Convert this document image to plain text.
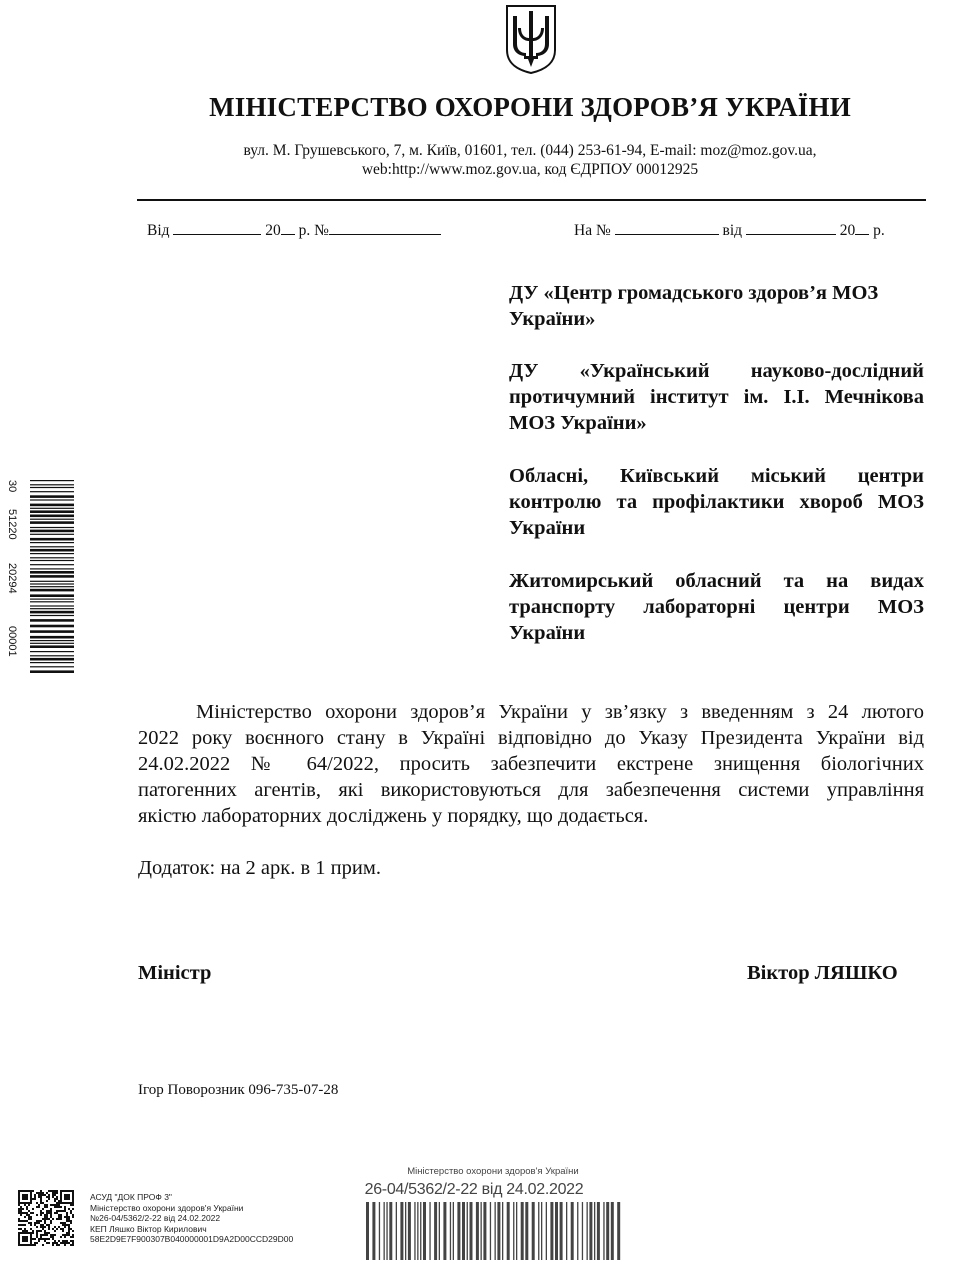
МІНІСТЕРСТВО ОХОРОНИ ЗДОРОВ’Я УКРАЇНИ
вул. М. Грушевського, 7, м. Київ, 01601, тел. (044) 253-61-94, E-mail: moz@moz.gov.ua,
web:http://www.moz.gov.ua, код ЄДРПОУ 00012925
Від	20 р. №	На №	від	20 р.
ДУ «Центр громадського здоров’я МОЗ
України»
ДУ «Український науково-дослідний
протичумний інститут ім. І.І. Мечнікова
МОЗ України»
Обласні, Київський міський центри
контролю та профілактики хвороб МОЗ
України
Житомирський обласний та на видах
транспорту лабораторні центри МОЗ
України
Міністерство охорони здоров’я України у зв’язку з введенням з 24 лютого
2022 року воєнного стану в Україні відповідно до Указу Президента України від
24.02.2022 № 64/2022, просить забезпечити екстрене знищення біологічних
патогенних агентів, які використовуються для забезпечення системи управління
якістю лабораторних досліджень у порядку, що додається.
Додаток: на 2 арк. в 1 прим.
Міністр	Віктор ЛЯШКО
Ігор Поворозник 096-735-07-28
30
51220
20294
00001
АСУД "ДОК ПРОФ 3"
Міністерство охорони здоров'я України
№26-04/5362/2-22 від 24.02.2022
КЕП Ляшко Віктор Кирилович
58E2D9E7F900307B040000001D9A2D00CCD29D00
Міністерство охорони здоров'я України
26-04/5362/2-22 від 24.02.2022
